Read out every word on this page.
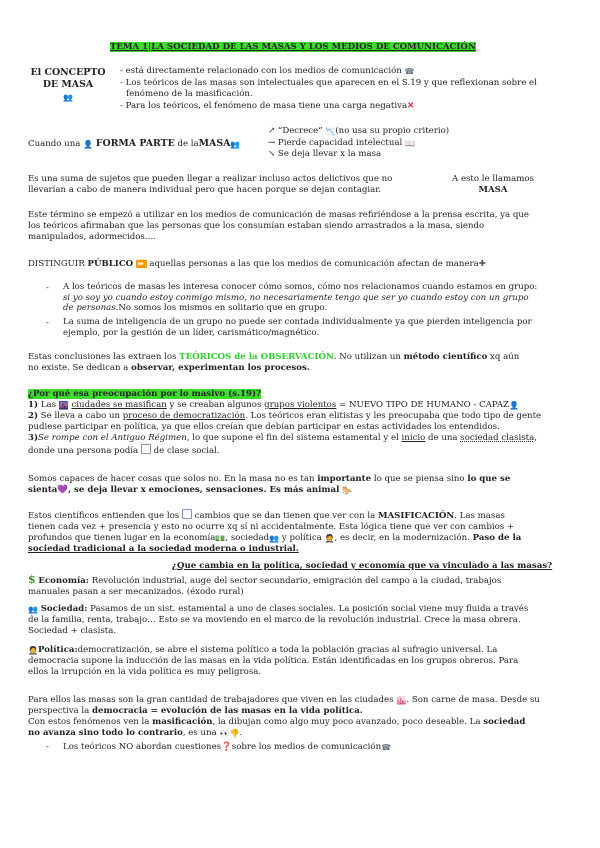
TEMA 1|LA SOCIEDAD DE LAS MASAS Y LOS MEDIOS DE COMUNICACIÓN
El CONCEPTO
DE MASA
👥
- está directamente relacionado con los medios de comunicación ☎
- Los teóricos de las masas son intelectuales que aparecen en el S.19 y que reflexionan sobre el
fenómeno de la masificación.
- Para los teóricos, el fenómeno de masa tiene una carga negativa✕
Cuando una 👤 FORMA PARTE de laMASA👥
↗ “Decrece” 📉(no usa su propio criterio)
→ Pierde capacidad intelectual 📖
↘ Se deja llevar x la masa
Es una suma de sujetos que pueden llegar a realizar incluso actos delictivos que no
llevarían a cabo de manera individual pero que hacen porque se dejan contagiar.
A esto le llamamos
MASA
Este término se empezó a utilizar en los medios de comunicación de masas refiriéndose a la prensa escrita, ya que
los teóricos afirmaban que las personas que los consumían estaban siendo arrastrados a la masa, siendo
manipulados, adormecidos….
DISTINGUIR PÚBLICO ⏩ aquellas personas a las que los medios de comunicación afectan de manera✚
- A los teóricos de masas les interesa conocer cómo somos, cómo nos relacionamos cuando estamos en grupo:
si yo soy yo cuando estoy conmigo mismo, no necesariamente tengo que ser yo cuando estoy con un grupo
de personas.No somos los mismos en solitario que en grupo.
- La suma de inteligencia de un grupo no puede ser contada individualmente ya que pierden inteligencia por
ejemplo, por la gestión de un líder, carismático/magnético.
Estas conclusiones las extraen los TEÓRICOS de la OBSERVACIÓN. No utilizan un método científico xq aún
no existe. Se dedican a observar, experimentan los procesos.
¿Por qué esa preocupación por lo masivo (s.19)?
1) Las 🌆 ciudades se masifican y se creaban algunos grupos violentos = NUEVO TIPO DE HUMANO - CAPAZ👤
2) Se lleva a cabo un proceso de democratización. Los teóricos eran elitistas y les preocupaba que todo tipo de gente
pudiese participar en política, ya que ellos creían que debían participar en estas actividades los entendidos.
3)Se rompe con el Antiguo Régimen, lo que supone el fin del sistema estamental y el inicio de una sociedad clasista,
donde una persona podía de clase social.
Somos capaces de hacer cosas que solos no. En la masa no es tan importante lo que se piensa sino lo que se
sienta💜, se deja llevar x emociones, sensaciones. Es más animal 🐎
Estos científicos entienden que los cambios que se dan tienen que ver con la MASIFICACIÓN. Las masas
tienen cada vez + presencia y esto no ocurre xq sí ni accidentalmente. Esta lógica tiene que ver con cambios +
profundos que tienen lugar en la economía💵, sociedad👥 y política 🤵, es decir, en la modernización. Paso de la
sociedad tradicional a la sociedad moderna o industrial.
¿Que cambia en la política, sociedad y economía que va vinculado a las masas?
$ Economía: Revolución industrial, auge del sector secundario, emigración del campo a la ciudad, trabajos
manuales pasan a ser mecanizados. (éxodo rural)
👥 Sociedad: Pasamos de un sist. estamental a uno de clases sociales. La posición social viene muy fluida a través
de la familia, renta, trabajo… Esto se va moviendo en el marco de la revolución industrial. Crece la masa obrera.
Sociedad + clasista.
🤵Política:democratización, se abre el sistema político a toda la población gracias al sufragio universal. La
democracia supone la inducción de las masas en la vida política. Están identificadas en los grupos obreros. Para
ellos la irrupción en la vida política es muy peligrosa.
Para ellos las masas son la gran cantidad de trabajadores que viven en las ciudades 🏙. Son carne de masa. Desde su
perspectiva la democracia = evolución de las masas en la vida política.
Con estos fenómenos ven la masificación, la dibujan como algo muy poco avanzado, poco deseable. La sociedad
no avanza sino todo lo contrario, es una 👀👎.
- Los teóricos NO abordan cuestiones❓sobre los medios de comunicación☎
